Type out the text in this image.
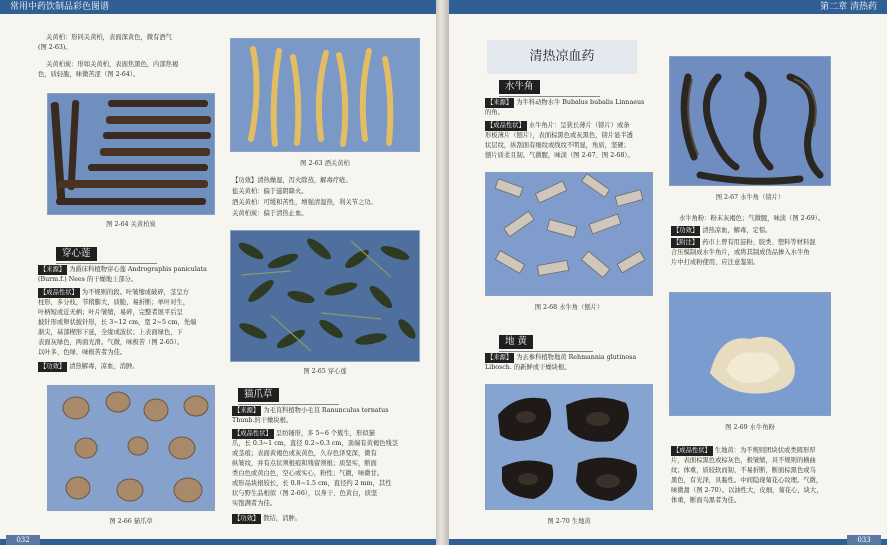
常用中药饮制品彩色图谱

关黄柏：形同关黄柏，表面深黄色，微有酒气

(图 2-63)。

关黄柏炭：形如关黄柏，表面焦黑色，内部焦褐

色，质轻脆，味微苦涩（图 2-64）。

图 2-64 关黄柏炭
图 2-63 酒关黄柏

【功效】清热燥湿，泻火除蒸，解毒疗疮。

盐关黄柏：偏于滋阴降火。

酒关黄柏：可缓和苦性，增强清湿热，利关节之功。

关黄柏炭：偏于清热止血。

穿心莲

【来源】 为爵床科植物穿心莲 Andrographis paniculata

(Burm.f.) Nees 的干燥地上部分。

【成品性状】 为不规则的段。叶皱缩或破碎，茎呈方

柱形，多分枝，节稍膨大，质脆，易折断；单叶对生，

叶柄短或近无柄；叶片皱缩，易碎，完整者展平后呈

披针形或卵状披针形，长 3~12 cm，宽 2~5 cm，先端

渐尖，基部楔形下延，全缘或波状；上表面绿色，下

表面灰绿色，两面光滑。气微，味极苦（图 2-65）。

以叶多、色绿、味极苦者为佳。

【功效】 清热解毒，凉血，消肿。

图 2-65 穿心莲
图 2-66 猫爪草
猫爪草

【来源】 为毛茛科植物小毛茛 Ranunculus ternatus

Thunb.的干燥块根。

【成品性状】 呈纺锤形，多 5~6 个簇生，形似猫

爪，长 0.3~1 cm，直径 0.2~0.3 cm，顶端有黄褐色残茎

或茎痕；表面黄褐色或灰黄色，久存色泽变深，微有

纵皱纹，并有点状须根痕和残留须根；质坚实，断面

类白色或黄白色，空心或实心，粉性；气微，味微甘。

或形品块根较长，长 0.8~1.5 cm，直径约 2 mm，其性

状与野生品相似（图 2-66），以身干、色黄白，质坚

实饱满者为佳。

【功效】 散结，消肿。

032
第二章 清热药
清热凉血药
水牛角

【来源】 为牛科动物水牛 Bubalus bubalis Linnaeus

的角。

【成品性状】 水牛角片：呈狭长薄片（镑片）或条

形板薄片（刨片），表面棕黑色或灰黑色，镑片显半透

状层纹，纵刮面有细纹或线纹不明显，角质，坚硬；

刨片质柔且韧。气微腥，味淡（图 2-67、图 2-68）。

图 2-68 水牛角（刨片）
图 2-67 水牛角（镑片）

水牛角粉：粉末灰褐色；气微腥，味淡（图 2-69）。

【功效】 清热凉血，解毒，定惊。

【附注】 药市上曾有用淀粉、胶类、塑料等材料混

合压模制成水牛角片，或将其制成伪品掺入水牛角

片中打成粉使用，应注意鉴别。

图 2-69 水牛角粉
地 黄

【来源】 为玄参科植物地黄 Rehmannia glutinosa

Libosch. 的新鲜或干燥块根。

图 2-70 生地黄

【成品性状】 生地黄：为不规则团块状或类圆形厚

片，表面棕黑色或棕灰色，极皱缩，具不规则的横曲

纹；体重，质较软而韧，不易折断，断面棕黑色或乌

黑色，有光泽，具黏性。中间隐现菊花心纹理。气微，

味微甜（图 2-70）。以油性大，皮细，菊花心，块大，

体重，断面乌黑者为佳。

033
